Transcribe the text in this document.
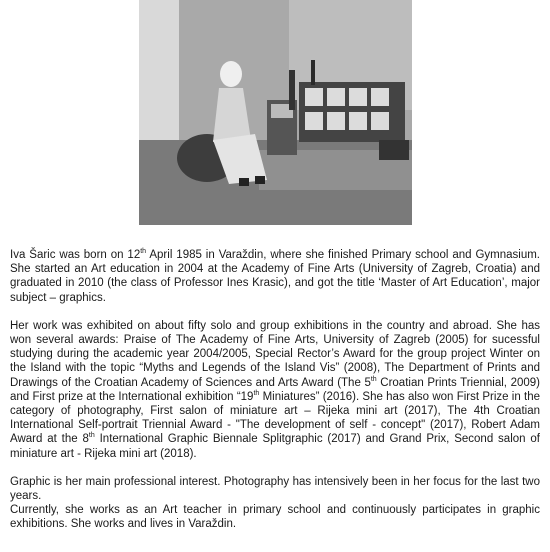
Iva Šaric was born on 12th April 1985 in Varaždin, where she finished Primary school and Gymnasium. She started an Art education in 2004 at the Academy of Fine Arts (University of Zagreb, Croatia) and graduated in 2010 (the class of Professor Ines Krasic), and got the title ‘Master of Art Education’, major subject – graphics.

Her work was exhibited on about fifty solo and group exhibitions in the country and abroad. She has won several awards: Praise of The Academy of Fine Arts, University of Zagreb (2005) for sucessful studying during the academic year 2004/2005, Special Rector’s Award for the group project Winter on the Island with the topic “Myths and Legends of the Island Vis” (2008), The Department of Prints and Drawings of the Croatian Academy of Sciences and Arts Award (The 5th Croatian Prints Triennial, 2009) and First prize at the International exhibition “19th Miniatures” (2016). She has also won First Prize in the category of photography, First salon of miniature art – Rijeka mini art (2017), The 4th Croatian International Self-portrait Triennial Award - "The development of self - concept" (2017), Robert Adam Award at the 8th International Graphic Biennale Splitgraphic (2017) and Grand Prix, Second salon of miniature art - Rijeka mini art (2018).

Graphic is her main professional interest. Photography has intensively been in her focus for the last two years.

Currently, she works as an Art teacher in primary school and continuously participates in graphic exhibitions. She works and lives in Varaždin.
